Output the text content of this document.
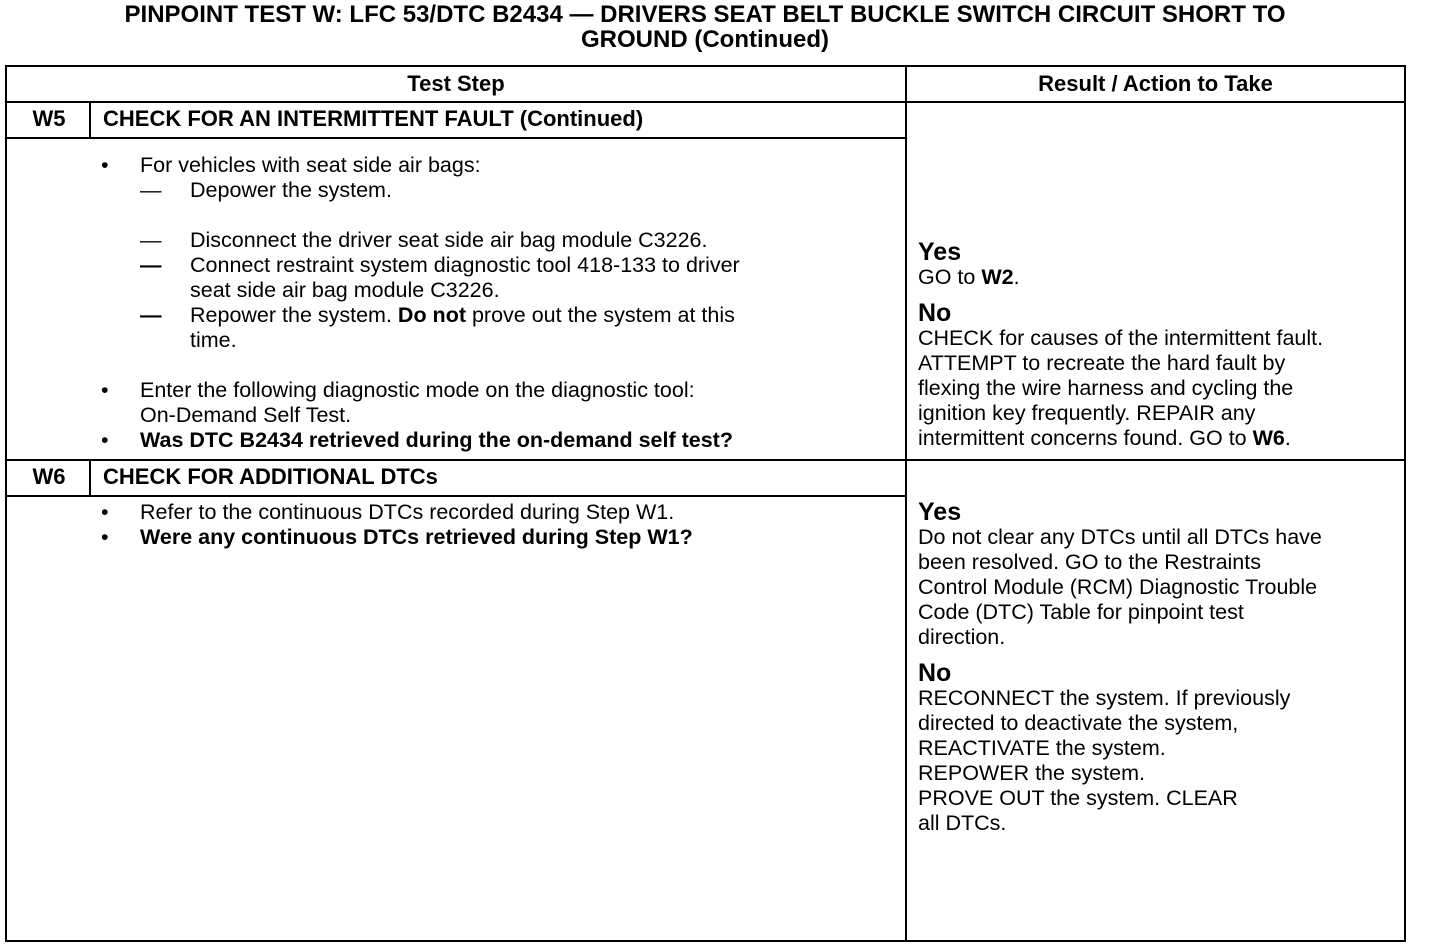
PINPOINT TEST W: LFC 53/DTC B2434 — DRIVERS SEAT BELT BUCKLE SWITCH CIRCUIT SHORT TO
GROUND (Continued)
Test Step	Result / Action to Take
W5	CHECK FOR AN INTERMITTENT FAULT (Continued)
• For vehicles with seat side air bags:
— Depower the system.
— Disconnect the driver seat side air bag module C3226.
— Connect restraint system diagnostic tool 418-133 to driver
seat side air bag module C3226.
— Repower the system. Do not prove out the system at this
time.
• Enter the following diagnostic mode on the diagnostic tool:
On-Demand Self Test.
• Was DTC B2434 retrieved during the on-demand self test?
Yes

GO to W2.

No

CHECK for causes of the intermittent fault.
ATTEMPT to recreate the hard fault by
flexing the wire harness and cycling the
ignition key frequently. REPAIR any
intermittent concerns found. GO to W6.

W6	CHECK FOR ADDITIONAL DTCs
• Refer to the continuous DTCs recorded during Step W1.
• Were any continuous DTCs retrieved during Step W1?
Yes

Do not clear any DTCs until all DTCs have
been resolved. GO to the Restraints
Control Module (RCM) Diagnostic Trouble
Code (DTC) Table for pinpoint test
direction.

No

RECONNECT the system. If previously
directed to deactivate the system,
REACTIVATE the system.
REPOWER the system.
PROVE OUT the system. CLEAR
all DTCs.
